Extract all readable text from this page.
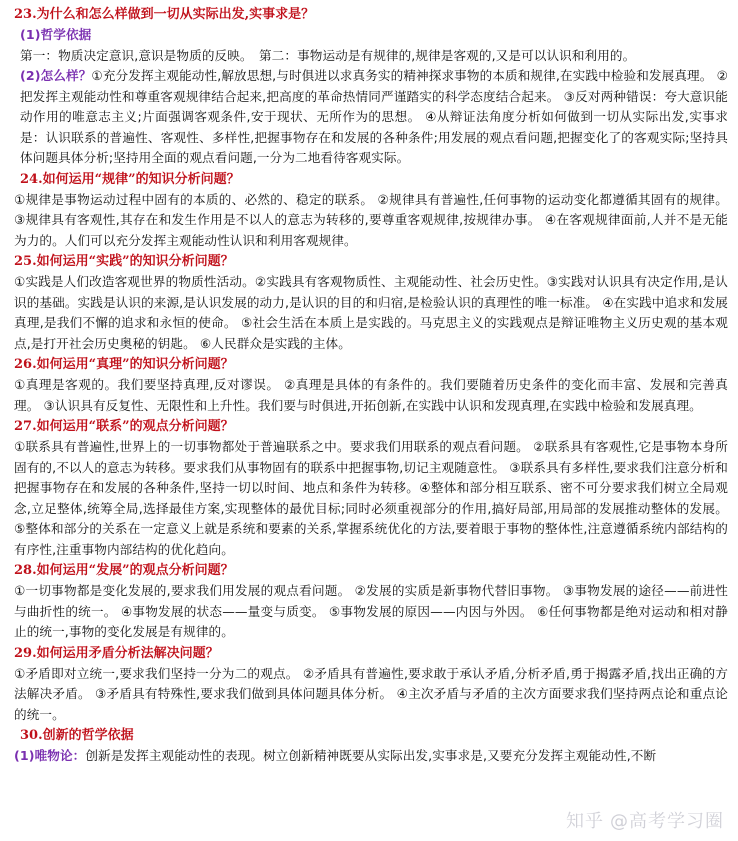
23.为什么和怎么样做到一切从实际出发,实事求是？

(1)哲学依据

第一：物质决定意识,意识是物质的反映。　第二：事物运动是有规律的,规律是客观的,又是可以认识和利用的。

(2)怎么样？①充分发挥主观能动性,解放思想,与时俱进以求真务实的精神探求事物的本质和规律,在实践中检验和发展真理。 ②把发挥主观能动性和尊重客观规律结合起来,把高度的革命热情同严谨踏实的科学态度结合起来。 ③反对两种错误：夸大意识能动作用的唯意志主义;片面强调客观条件,安于现状、无所作为的思想。 ④从辩证法角度分析如何做到一切从实际出发,实事求是：认识联系的普遍性、客观性、多样性,把握事物存在和发展的各种条件;用发展的观点看问题,把握变化了的客观实际;坚持具体问题具体分析;坚持用全面的观点看问题,一分为二地看待客观实际。

24.如何运用“规律”的知识分析问题？

①规律是事物运动过程中固有的本质的、必然的、稳定的联系。 ②规律具有普遍性,任何事物的运动变化都遵循其固有的规律。 ③规律具有客观性,其存在和发生作用是不以人的意志为转移的,要尊重客观规律,按规律办事。 ④在客观规律面前,人并不是无能为力的。人们可以充分发挥主观能动性认识和利用客观规律。

25.如何运用“实践”的知识分析问题？

①实践是人们改造客观世界的物质性活动。②实践具有客观物质性、主观能动性、社会历史性。③实践对认识具有决定作用,是认识的基础。实践是认识的来源,是认识发展的动力,是认识的目的和归宿,是检验认识的真理性的唯一标准。 ④在实践中追求和发展真理,是我们不懈的追求和永恒的使命。 ⑤社会生活在本质上是实践的。马克思主义的实践观点是辩证唯物主义历史观的基本观点,是打开社会历史奥秘的钥匙。 ⑥人民群众是实践的主体。

26.如何运用“真理”的知识分析问题？

①真理是客观的。我们要坚持真理,反对谬误。 ②真理是具体的有条件的。我们要随着历史条件的变化而丰富、发展和完善真理。 ③认识具有反复性、无限性和上升性。我们要与时俱进,开拓创新,在实践中认识和发现真理,在实践中检验和发展真理。

27.如何运用“联系”的观点分析问题？

①联系具有普遍性,世界上的一切事物都处于普遍联系之中。要求我们用联系的观点看问题。 ②联系具有客观性,它是事物本身所固有的,不以人的意志为转移。要求我们从事物固有的联系中把握事物,切记主观随意性。 ③联系具有多样性,要求我们注意分析和把握事物存在和发展的各种条件,坚持一切以时间、地点和条件为转移。④整体和部分相互联系、密不可分要求我们树立全局观念,立足整体,统筹全局,选择最佳方案,实现整体的最优目标;同时必须重视部分的作用,搞好局部,用局部的发展推动整体的发展。 ⑤整体和部分的关系在一定意义上就是系统和要素的关系,掌握系统优化的方法,要着眼于事物的整体性,注意遵循系统内部结构的有序性,注重事物内部结构的优化趋向。

28.如何运用“发展”的观点分析问题？

①一切事物都是变化发展的,要求我们用发展的观点看问题。 ②发展的实质是新事物代替旧事物。 ③事物发展的途径——前进性与曲折性的统一。 ④事物发展的状态——量变与质变。 ⑤事物发展的原因——内因与外因。 ⑥任何事物都是绝对运动和相对静止的统一,事物的变化发展是有规律的。

29.如何运用矛盾分析法解决问题？

①矛盾即对立统一,要求我们坚持一分为二的观点。 ②矛盾具有普遍性,要求敢于承认矛盾,分析矛盾,勇于揭露矛盾,找出正确的方法解决矛盾。 ③矛盾具有特殊性,要求我们做到具体问题具体分析。 ④主次矛盾与矛盾的主次方面要求我们坚持两点论和重点论的统一。

30.创新的哲学依据

(1)唯物论：创新是发挥主观能动性的表现。树立创新精神既要从实际出发,实事求是,又要充分发挥主观能动性,不断

知乎 @高考学习圈
